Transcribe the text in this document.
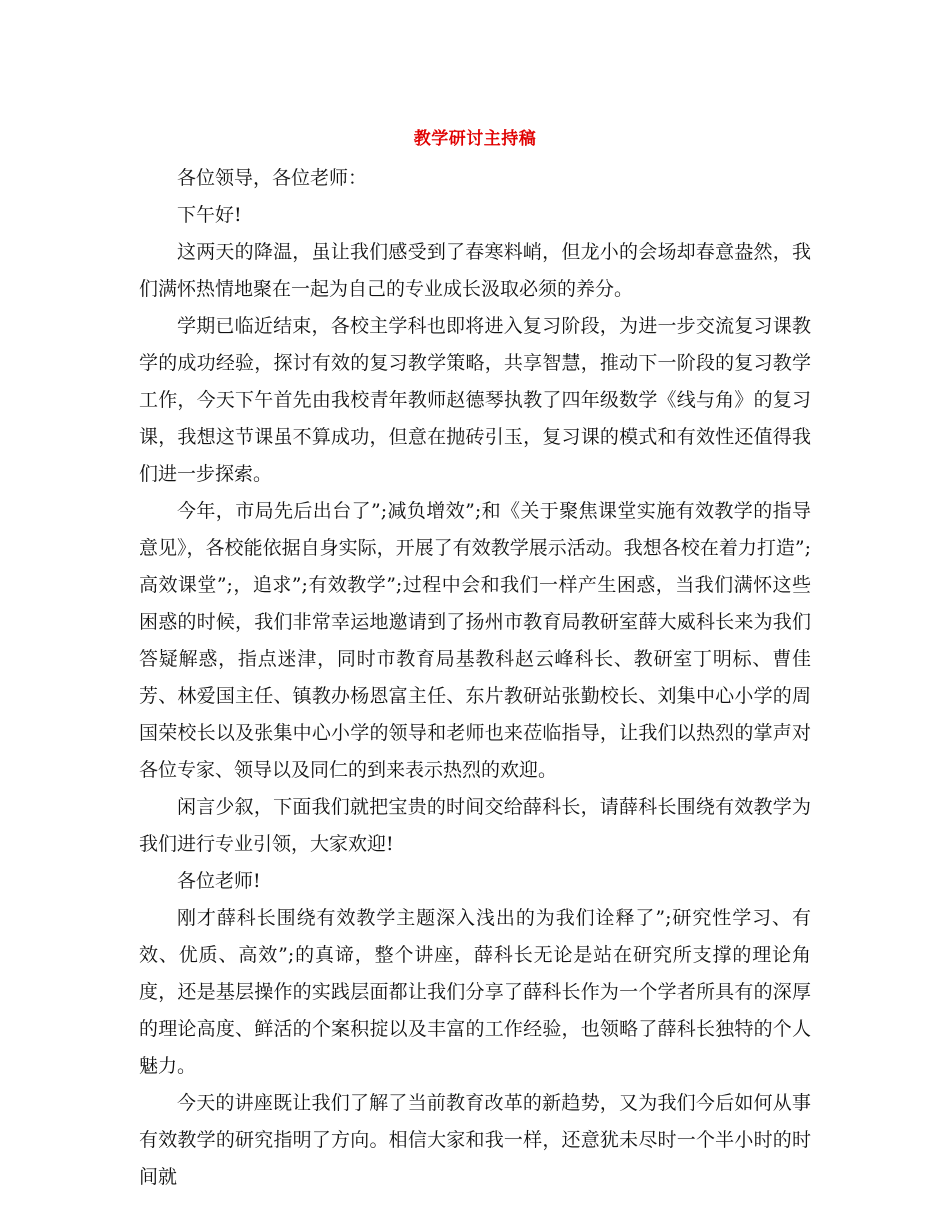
教学研讨主持稿

各位领导，各位老师：

下午好!

这两天的降温，虽让我们感受到了春寒料峭，但龙小的会场却春意盎然，我们满怀热情地聚在一起为自己的专业成长汲取必须的养分。

学期已临近结束，各校主学科也即将进入复习阶段，为进一步交流复习课教学的成功经验，探讨有效的复习教学策略，共享智慧，推动下一阶段的复习教学工作，今天下午首先由我校青年教师赵德琴执教了四年级数学《线与角》的复习课，我想这节课虽不算成功，但意在抛砖引玉，复习课的模式和有效性还值得我们进一步探索。

今年，市局先后出台了”;减负增效”;和《关于聚焦课堂实施有效教学的指导意见》，各校能依据自身实际，开展了有效教学展示活动。我想各校在着力打造”;高效课堂”;，追求”;有效教学”;过程中会和我们一样产生困惑，当我们满怀这些困惑的时候，我们非常幸运地邀请到了扬州市教育局教研室薛大威科长来为我们答疑解惑，指点迷津，同时市教育局基教科赵云峰科长、教研室丁明标、曹佳芳、林爱国主任、镇教办杨恩富主任、东片教研站张勤校长、刘集中心小学的周国荣校长以及张集中心小学的领导和老师也来莅临指导，让我们以热烈的掌声对各位专家、领导以及同仁的到来表示热烈的欢迎。

闲言少叙，下面我们就把宝贵的时间交给薛科长，请薛科长围绕有效教学为我们进行专业引领，大家欢迎!

各位老师!

刚才薛科长围绕有效教学主题深入浅出的为我们诠释了”;研究性学习、有效、优质、高效”;的真谛，整个讲座，薛科长无论是站在研究所支撑的理论角度，还是基层操作的实践层面都让我们分享了薛科长作为一个学者所具有的深厚的理论高度、鲜活的个案积掟以及丰富的工作经验，也领略了薛科长独特的个人魅力。

今天的讲座既让我们了解了当前教育改革的新趋势，又为我们今后如何从事有效教学的研究指明了方向。相信大家和我一样，还意犹未尽时一个半小时的时间就
